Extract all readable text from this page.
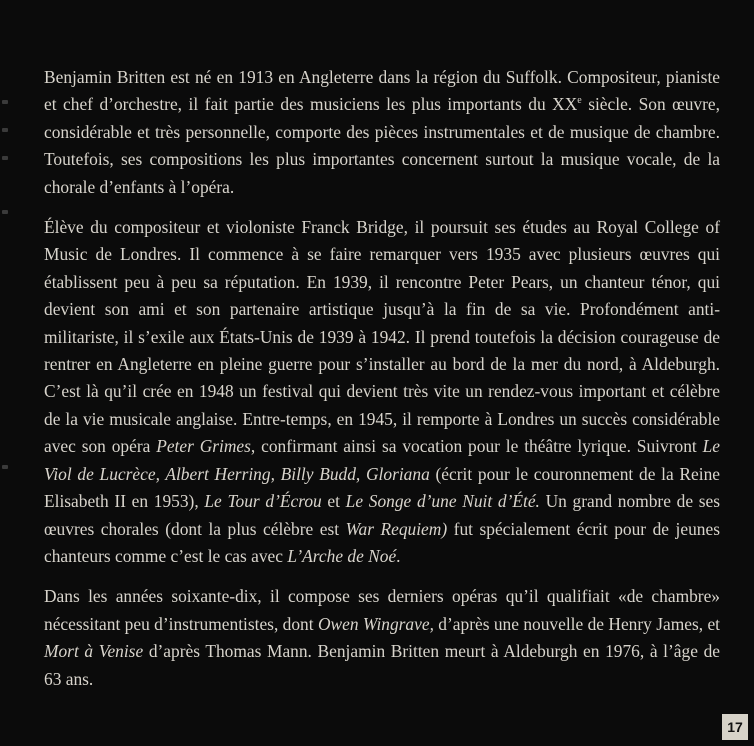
Benjamin Britten est né en 1913 en Angleterre dans la région du Suffolk. Compositeur, pianiste et chef d’orchestre, il fait partie des musiciens les plus importants du XXe siècle. Son œuvre, considérable et très personnelle, comporte des pièces instrumentales et de musique de chambre. Toutefois, ses compositions les plus importantes concernent surtout la musique vocale, de la chorale d’enfants à l’opéra.

Élève du compositeur et violoniste Franck Bridge, il poursuit ses études au Royal College of Music de Londres. Il commence à se faire remarquer vers 1935 avec plusieurs œuvres qui établissent peu à peu sa réputation. En 1939, il rencontre Peter Pears, un chanteur ténor, qui devient son ami et son partenaire artistique jusqu’à la fin de sa vie. Profondément anti-militariste, il s’exile aux États-Unis de 1939 à 1942. Il prend toutefois la décision courageuse de rentrer en Angleterre en pleine guerre pour s’installer au bord de la mer du nord, à Aldeburgh. C’est là qu’il crée en 1948 un festival qui devient très vite un rendez-vous important et célèbre de la vie musicale anglaise. Entre-temps, en 1945, il remporte à Londres un succès considérable avec son opéra Peter Grimes, confirmant ainsi sa vocation pour le théâtre lyrique. Suivront Le Viol de Lucrèce, Albert Herring, Billy Budd, Gloriana (écrit pour le couronnement de la Reine Elisabeth II en 1953), Le Tour d’Écrou et Le Songe d’une Nuit d’Été. Un grand nombre de ses œuvres chorales (dont la plus célèbre est War Requiem) fut spécialement écrit pour de jeunes chanteurs comme c’est le cas avec L’Arche de Noé.

Dans les années soixante-dix, il compose ses derniers opéras qu’il qualifiait «de chambre» nécessitant peu d’instrumentistes, dont Owen Wingrave, d’après une nouvelle de Henry James, et Mort à Venise d’après Thomas Mann. Benjamin Britten meurt à Aldeburgh en 1976, à l’âge de 63 ans.

17
